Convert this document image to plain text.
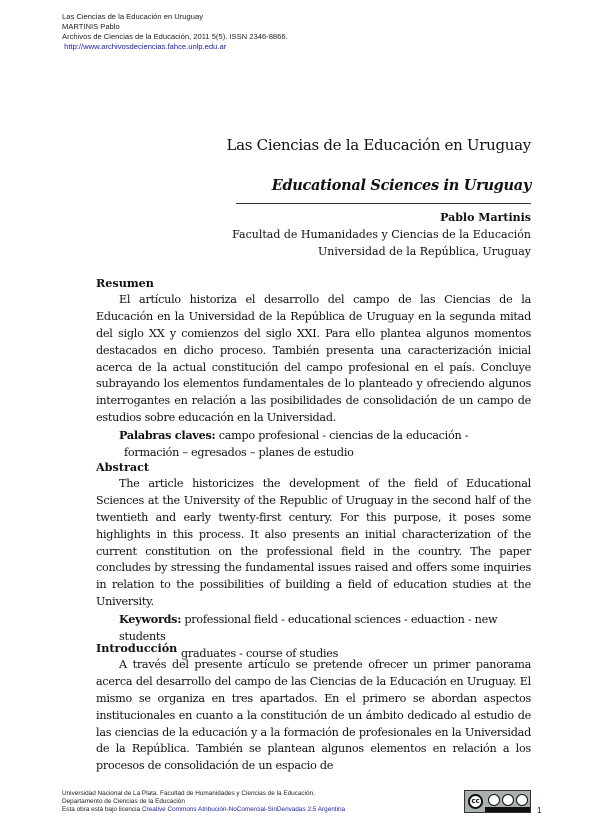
Las Ciencias de la Educación en Uruguay
MARTINIS Pablo
Archivos de Ciencias de la Educación, 2011 5(5). ISSN 2346-8866.
http://www.archivosdeciencias.fahce.unlp.edu.ar
Las Ciencias de la Educación en Uruguay
Educational Sciences in Uruguay
Pablo Martinis
Facultad de Humanidades y Ciencias de la Educación
Universidad de la República, Uruguay
Resumen

El artículo historiza el desarrollo del campo de las Ciencias de la Educación en la Universidad de la República de Uruguay en la segunda mitad del siglo XX y comienzos del siglo XXI. Para ello plantea algunos momentos destacados en dicho proceso. También presenta una caracterización inicial acerca de la actual constitución del campo profesional en el país. Concluye subrayando los elementos fundamentales de lo planteado y ofreciendo algunos interrogantes en relación a las posibilidades de consolidación de un campo de estudios sobre educación en la Universidad.

Palabras claves: campo profesional - ciencias de la educación -
formación – egresados – planes de estudio
Abstract

The article historicizes the development of the field of Educational Sciences at the University of the Republic of Uruguay in the second half of the twentieth and early twenty-first century. For this purpose, it poses some highlights in this process. It also presents an initial characterization of the current constitution on the professional field in the country. The paper concludes by stressing the fundamental issues raised and offers some inquiries in relation to the possibilities of building a field of education studies at the University.

Keywords: professional field - educational sciences - eduaction - new students
graduates - course of studies
Introducción

A través del presente artículo se pretende ofrecer un primer panorama acerca del desarrollo del campo de las Ciencias de la Educación en Uruguay. El mismo se organiza en tres apartados. En el primero se abordan aspectos institucionales en cuanto a la constitución de un ámbito dedicado al estudio de las ciencias de la educación y a la formación de profesionales en la Universidad de la República. También se plantean algunos elementos en relación a los procesos de consolidación de un espacio de

Universidad Nacional de La Plata. Facultad de Humanidades y Ciencias de la Educación.
Departamento de Ciencias de la Educación
Esta obra está bajo licencia Creative Commons Atribución-NoComercial-SinDerivadas 2.5 Argentina
cc
1
